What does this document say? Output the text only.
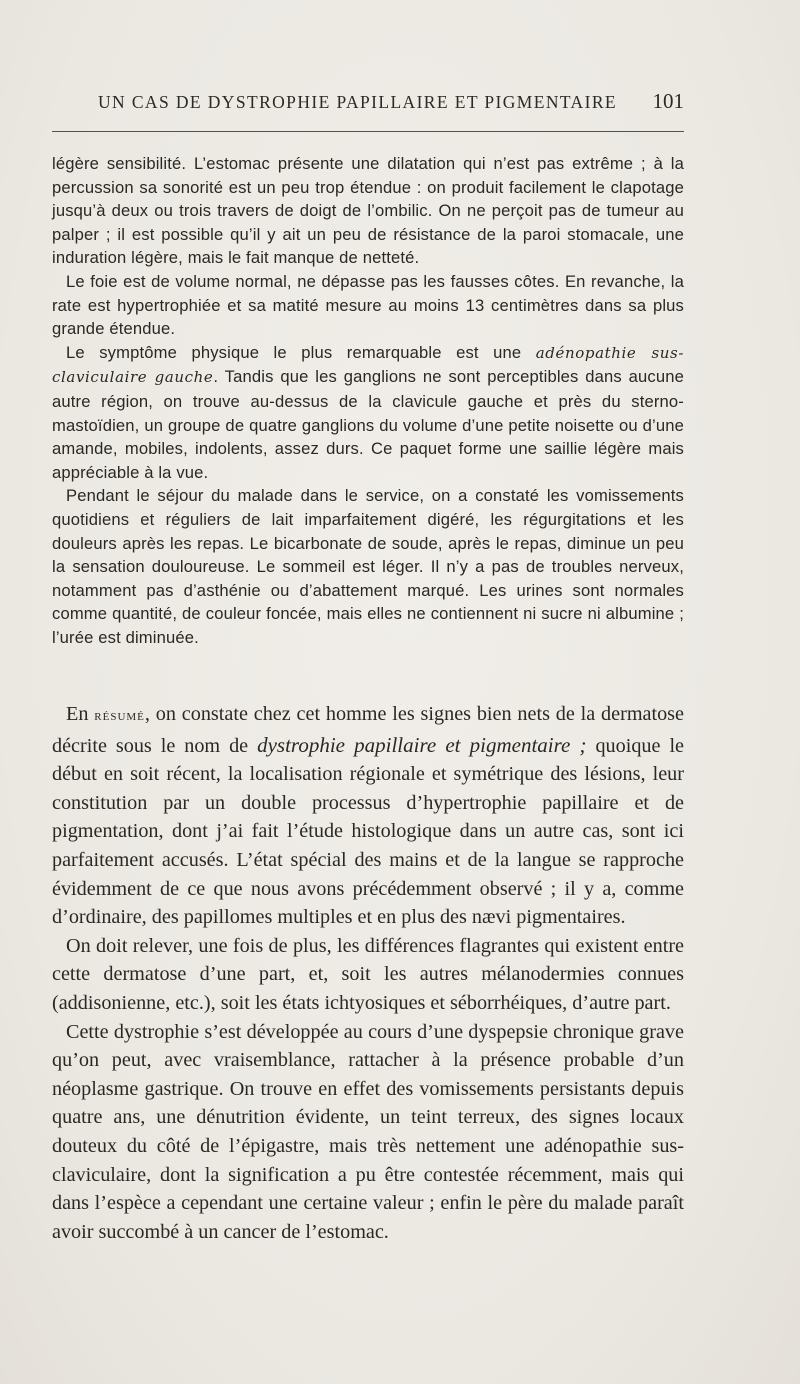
UN CAS DE DYSTROPHIE PAPILLAIRE ET PIGMENTAIRE 101

légère sensibilité. L’estomac présente une dilatation qui n’est pas extrême ; à la percussion sa sonorité est un peu trop étendue : on produit facilement le clapotage jusqu’à deux ou trois travers de doigt de l’ombilic. On ne perçoit pas de tumeur au palper ; il est possible qu’il y ait un peu de résistance de la paroi stomacale, une induration légère, mais le fait manque de netteté.

Le foie est de volume normal, ne dépasse pas les fausses côtes. En revanche, la rate est hypertrophiée et sa matité mesure au moins 13 centimètres dans sa plus grande étendue.

Le symptôme physique le plus remarquable est une adénopathie sus-claviculaire gauche. Tandis que les ganglions ne sont perceptibles dans aucune autre région, on trouve au-dessus de la clavicule gauche et près du sterno-mastoïdien, un groupe de quatre ganglions du volume d’une petite noisette ou d’une amande, mobiles, indolents, assez durs. Ce paquet forme une saillie légère mais appréciable à la vue.

Pendant le séjour du malade dans le service, on a constaté les vomissements quotidiens et réguliers de lait imparfaitement digéré, les régurgitations et les douleurs après les repas. Le bicarbonate de soude, après le repas, diminue un peu la sensation douloureuse. Le sommeil est léger. Il n’y a pas de troubles nerveux, notamment pas d’asthénie ou d’abattement marqué. Les urines sont normales comme quantité, de couleur foncée, mais elles ne contiennent ni sucre ni albumine ; l’urée est diminuée.

En résumé, on constate chez cet homme les signes bien nets de la dermatose décrite sous le nom de dystrophie papillaire et pigmentaire ; quoique le début en soit récent, la localisation régionale et symétrique des lésions, leur constitution par un double processus d’hypertrophie papillaire et de pigmentation, dont j’ai fait l’étude histologique dans un autre cas, sont ici parfaitement accusés. L’état spécial des mains et de la langue se rapproche évidemment de ce que nous avons précédemment observé ; il y a, comme d’ordinaire, des papillomes multiples et en plus des nævi pigmentaires.

On doit relever, une fois de plus, les différences flagrantes qui existent entre cette dermatose d’une part, et, soit les autres mélanodermies connues (addisonienne, etc.), soit les états ichtyosiques et séborrhéiques, d’autre part.

Cette dystrophie s’est développée au cours d’une dyspepsie chronique grave qu’on peut, avec vraisemblance, rattacher à la présence probable d’un néoplasme gastrique. On trouve en effet des vomissements persistants depuis quatre ans, une dénutrition évidente, un teint terreux, des signes locaux douteux du côté de l’épigastre, mais très nettement une adénopathie sus-claviculaire, dont la signification a pu être contestée récemment, mais qui dans l’espèce a cependant une certaine valeur ; enfin le père du malade paraît avoir succombé à un cancer de l’estomac.
